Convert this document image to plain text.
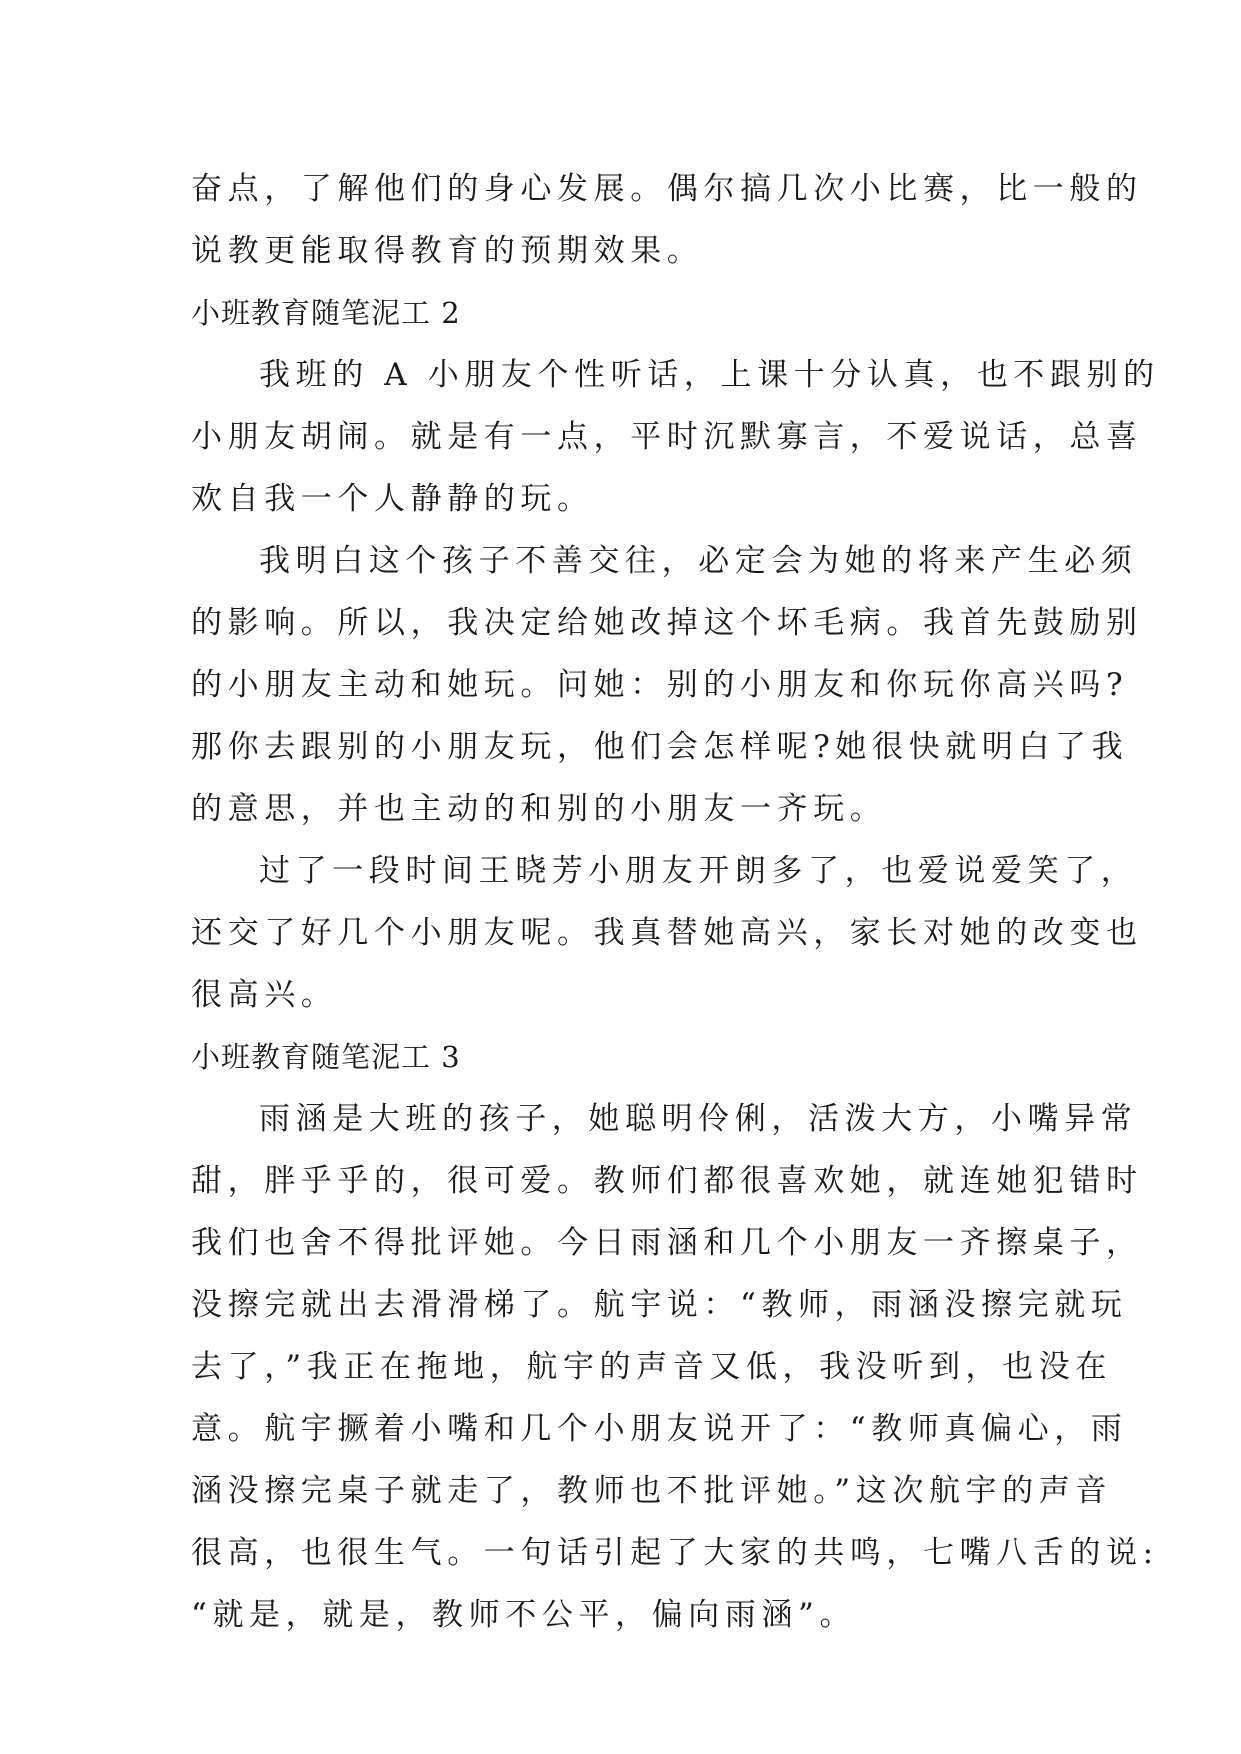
奋点，了解他们的身心发展。偶尔搞几次小比赛，比一般的
说教更能取得教育的预期效果。
小班教育随笔泥工 2
我班的 A 小朋友个性听话，上课十分认真，也不跟别的
小朋友胡闹。就是有一点，平时沉默寡言，不爱说话，总喜
欢自我一个人静静的玩。
我明白这个孩子不善交往，必定会为她的将来产生必须
的影响。所以，我决定给她改掉这个坏毛病。我首先鼓励别
的小朋友主动和她玩。问她：别的小朋友和你玩你高兴吗?
那你去跟别的小朋友玩，他们会怎样呢?她很快就明白了我
的意思，并也主动的和别的小朋友一齐玩。
过了一段时间王晓芳小朋友开朗多了，也爱说爱笑了，
还交了好几个小朋友呢。我真替她高兴，家长对她的改变也
很高兴。
小班教育随笔泥工 3
雨涵是大班的孩子，她聪明伶俐，活泼大方，小嘴异常
甜，胖乎乎的，很可爱。教师们都很喜欢她，就连她犯错时
我们也舍不得批评她。今日雨涵和几个小朋友一齐擦桌子，
没擦完就出去滑滑梯了。航宇说：“教师，雨涵没擦完就玩
去了，”我正在拖地，航宇的声音又低，我没听到，也没在
意。航宇撅着小嘴和几个小朋友说开了：“教师真偏心，雨
涵没擦完桌子就走了，教师也不批评她。”这次航宇的声音
很高，也很生气。一句话引起了大家的共鸣，七嘴八舌的说:
“就是，就是，教师不公平，偏向雨涵”。
